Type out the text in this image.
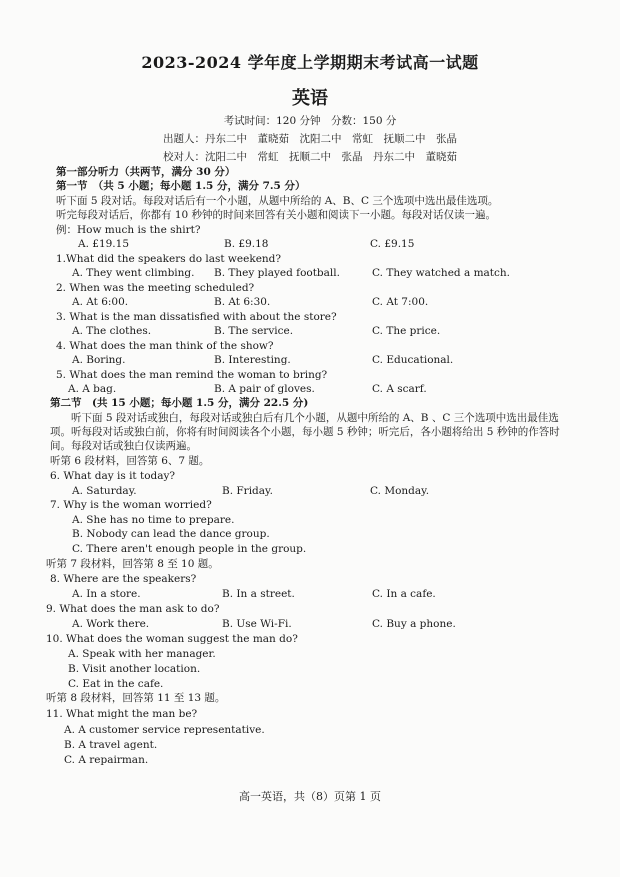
2023-2024 学年度上学期期末考试高一试题
英语
考试时间：120 分钟　分数：150 分
出题人：丹东二中　董晓茹　沈阳二中　常虹　抚顺二中　张晶
校对人：沈阳二中　常虹　抚顺二中　张晶　丹东二中　董晓茹
第一部分听力（共两节，满分 30 分）
第一节　（共 5 小题；每小题 1.5 分，满分 7.5 分）
听下面 5 段对话。每段对话后有一个小题，从题中所给的 A、B、C 三个选项中选出最佳选项。
听完每段对话后，你都有 10 秒钟的时间来回答有关小题和阅读下一小题。每段对话仅读一遍。
例：How much is the shirt?
A. £19.15	B. £9.18	C. £9.15
1.What did the speakers do last weekend?
A. They went climbing. B. They played football.	C. They watched a match.
2. When was the meeting scheduled?
A. At 6:00.	B. At 6:30.	C. At 7:00.
3. What is the man dissatisfied with about the store?
A. The clothes.	B. The service.	C. The price.
4. What does the man think of the show?
A. Boring.	B. Interesting.	C. Educational.
5. What does the man remind the woman to bring?
A. A bag.	B. A pair of gloves.	C. A scarf.
第二节　(共 15 小题；每小题 1.5 分，满分 22.5 分)
听下面 5 段对话或独白，每段对话或独白后有几个小题，从题中所给的 A、B 、C 三个选项中选出最佳选项。听每段对话或独白前，你将有时间阅读各个小题，每小题 5 秒钟；听完后，各小题将给出 5 秒钟的作答时间。每段对话或独白仅读两遍。
听第 6 段材料，回答第 6、7 题。
6. What day is it today?
A. Saturday.	B. Friday.	C. Monday.
7. Why is the woman worried?
A. She has no time to prepare.
B. Nobody can lead the dance group.
C. There aren't enough people in the group.
听第 7 段材料，回答第 8 至 10 题。
8. Where are the speakers?
A. In a store.	B. In a street.	C. In a cafe.
9. What does the man ask to do?
A. Work there.	B. Use Wi-Fi.	C. Buy a phone.
10. What does the woman suggest the man do?
A. Speak with her manager.
B. Visit another location.
C. Eat in the cafe.
听第 8 段材料，回答第 11 至 13 题。
11. What might the man be?
A. A customer service representative.
B. A travel agent.
C. A repairman.
高一英语，共（8）页第 1 页
